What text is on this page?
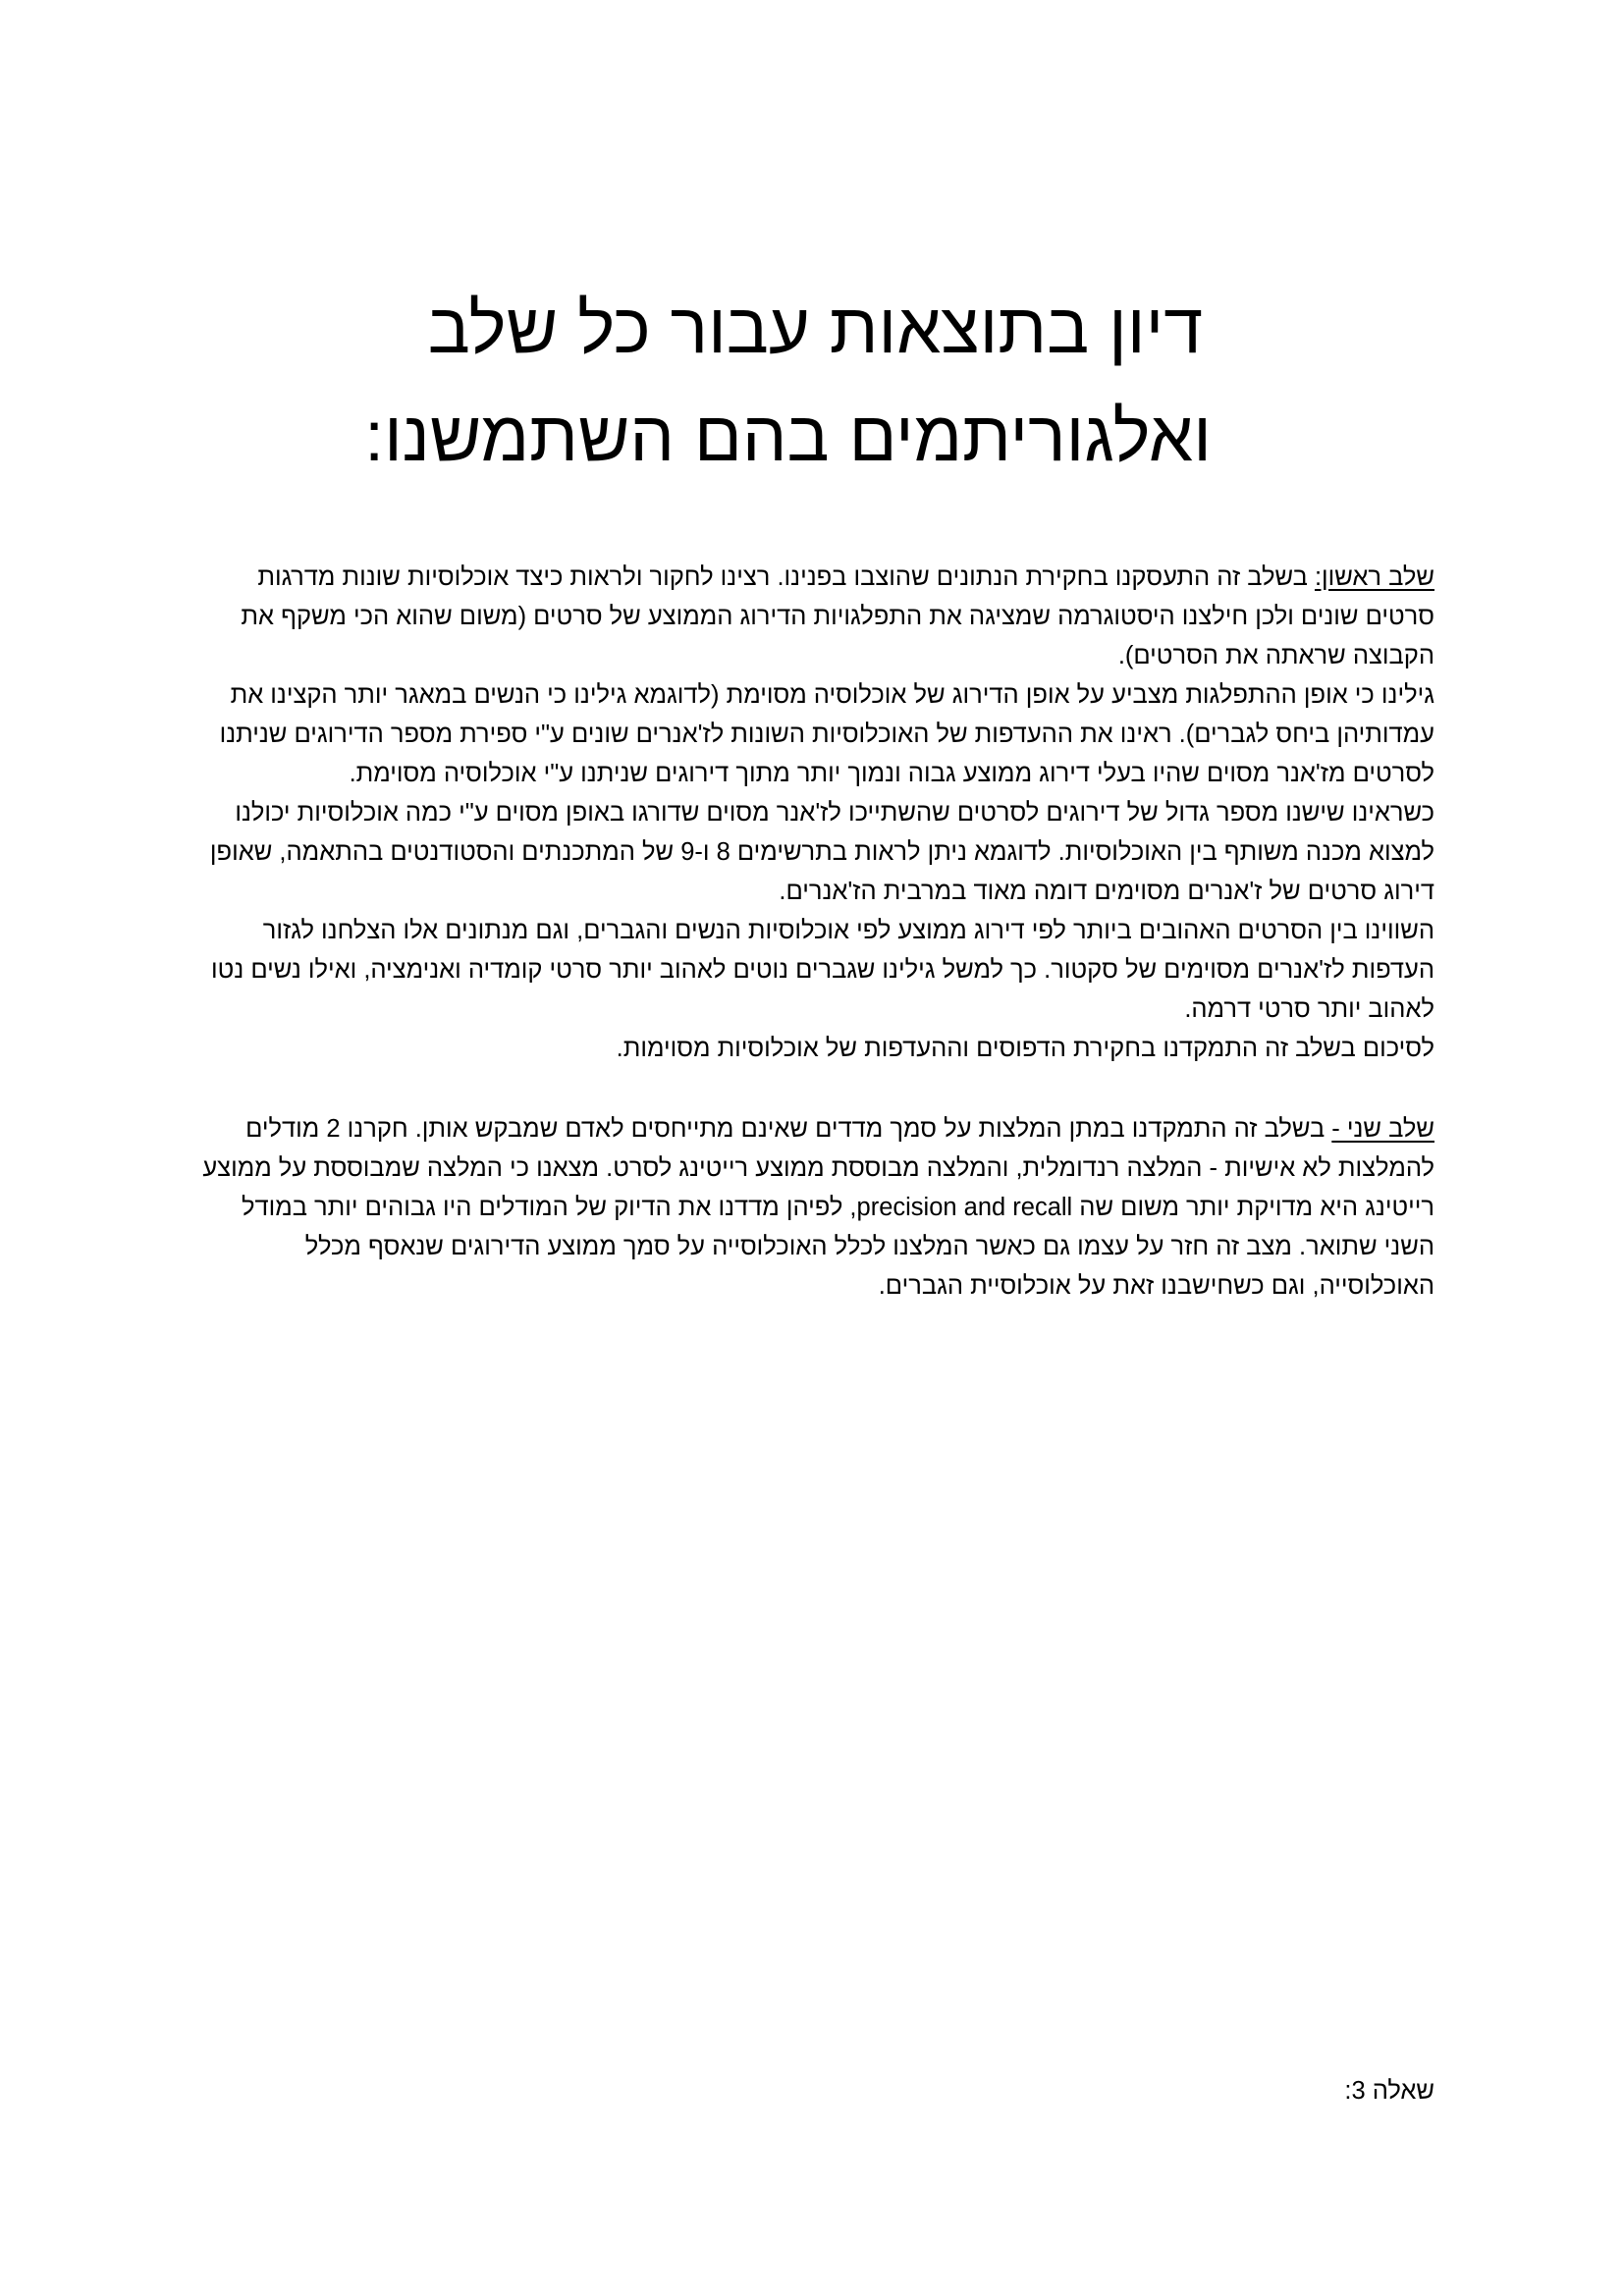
דיון בתוצאות עבור כל שלב
ואלגוריתמים בהם השתמשנו:

שלב ראשון: בשלב זה התעסקנו בחקירת הנתונים שהוצבו בפנינו. רצינו לחקור ולראות כיצד אוכלוסיות שונות מדרגות סרטים שונים ולכן חילצנו היסטוגרמה שמציגה את התפלגויות הדירוג הממוצע של סרטים (משום שהוא הכי משקף את הקבוצה שראתה את הסרטים).

גילינו כי אופן ההתפלגות מצביע על אופן הדירוג של אוכלוסיה מסוימת (לדוגמא גילינו כי הנשים במאגר יותר הקצינו את עמדותיהן ביחס לגברים). ראינו את ההעדפות של האוכלוסיות השונות לז'אנרים שונים ע"י ספירת מספר הדירוגים שניתנו לסרטים מז'אנר מסוים שהיו בעלי דירוג ממוצע גבוה ונמוך יותר מתוך דירוגים שניתנו ע"י אוכלוסיה מסוימת.

כשראינו שישנו מספר גדול של דירוגים לסרטים שהשתייכו לז'אנר מסוים שדורגו באופן מסוים ע"י כמה אוכלוסיות יכולנו למצוא מכנה משותף בין האוכלוסיות. לדוגמא ניתן לראות בתרשימים 8 ו-9 של המתכנתים והסטודנטים בהתאמה, שאופן דירוג סרטים של ז'אנרים מסוימים דומה מאוד במרבית הז'אנרים.

השווינו בין הסרטים האהובים ביותר לפי דירוג ממוצע לפי אוכלוסיות הנשים והגברים, וגם מנתונים אלו הצלחנו לגזור העדפות לז'אנרים מסוימים של סקטור. כך למשל גילינו שגברים נוטים לאהוב יותר סרטי קומדיה ואנימציה, ואילו נשים נטו לאהוב יותר סרטי דרמה.

לסיכום בשלב זה התמקדנו בחקירת הדפוסים וההעדפות של אוכלוסיות מסוימות.

שלב שני - בשלב זה התמקדנו במתן המלצות על סמך מדדים שאינם מתייחסים לאדם שמבקש אותן. חקרנו 2 מודלים להמלצות לא אישיות - המלצה רנדומלית, והמלצה מבוססת ממוצע רייטינג לסרט. מצאנו כי המלצה שמבוססת על ממוצע רייטינג היא מדויקת יותר משום שה precision and recall, לפיהן מדדנו את הדיוק של המודלים היו גבוהים יותר במודל השני שתואר. מצב זה חזר על עצמו גם כאשר המלצנו לכלל האוכלוסייה על סמך ממוצע הדירוגים שנאסף מכלל האוכלוסייה, וגם כשחישבנו זאת על אוכלוסיית הגברים.

שאלה 3:
